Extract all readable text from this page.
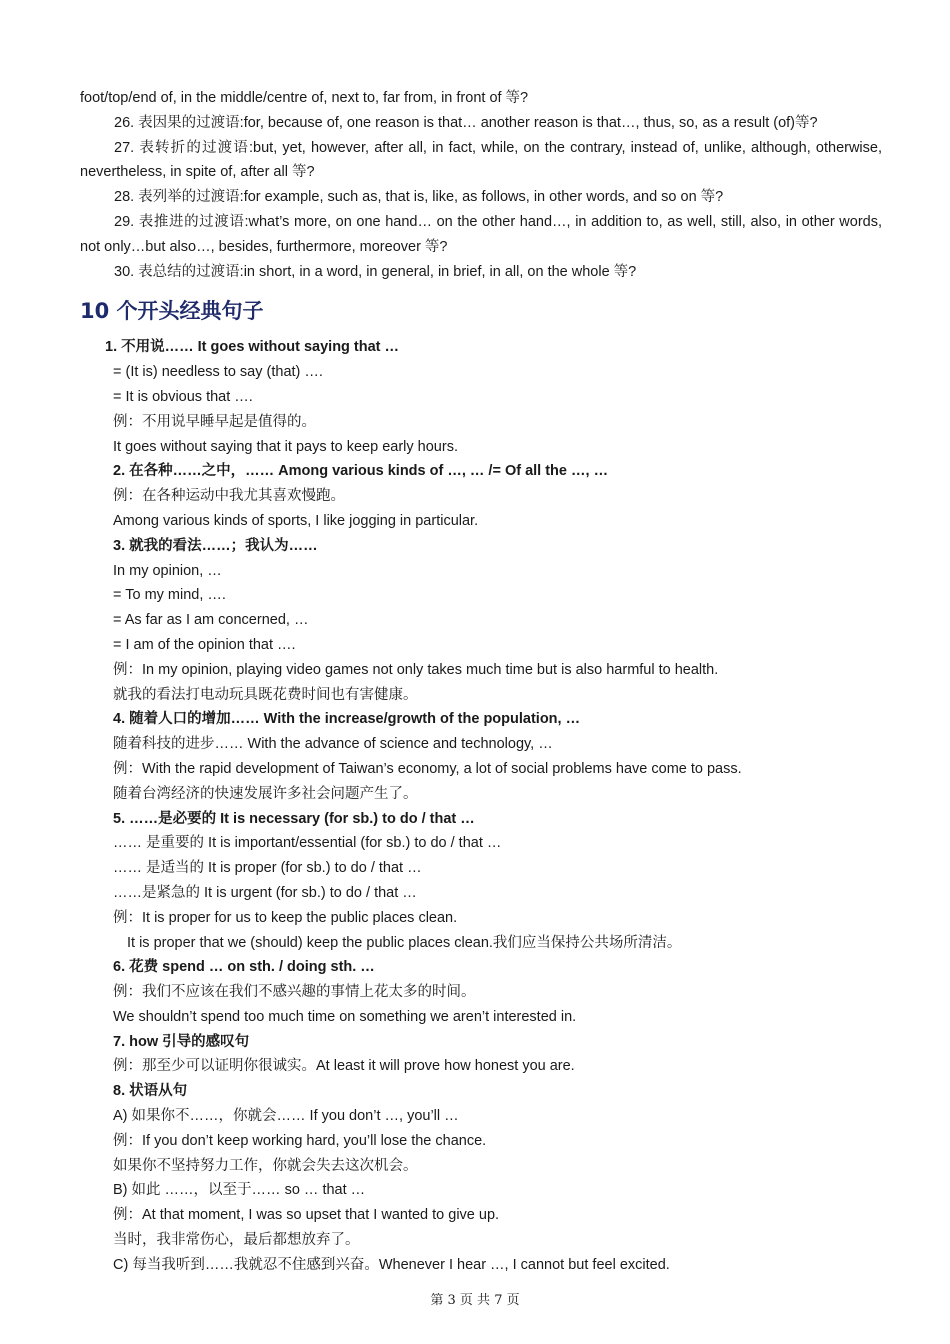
foot/top/end of, in the middle/centre of, next to, far from, in front of 等?

26. 表因果的过渡语:for, because of, one reason is that… another reason is that…, thus, so, as a result (of)等?

27. 表转折的过渡语:but, yet, however, after all, in fact, while, on the contrary, instead of, unlike, although, otherwise, nevertheless, in spite of, after all 等?

28. 表列举的过渡语:for example, such as, that is, like, as follows, in other words, and so on 等?

29. 表推进的过渡语:what’s more, on one hand… on the other hand…, in addition to, as well, still, also, in other words, not only…but also…, besides, furthermore, moreover 等?

30. 表总结的过渡语:in short, in a word, in general, in brief, in all, on the whole 等?

10 个开头经典句子

1. 不用说…… It goes without saying that …

= (It is) needless to say (that) ….

= It is obvious that ….

例：不用说早睡早起是值得的。

It goes without saying that it pays to keep early hours.

2. 在各种……之中，…… Among various kinds of …, … /= Of all the …, …

例：在各种运动中我尤其喜欢慢跑。

Among various kinds of sports, I like jogging in particular.

3. 就我的看法……；我认为……

In my opinion, …

= To my mind, ….

= As far as I am concerned, …

= I am of the opinion that ….

例：In my opinion, playing video games not only takes much time but is also harmful to health.

就我的看法打电动玩具既花费时间也有害健康。

4. 随着人口的增加…… With the increase/growth of the population, …

随着科技的进步…… With the advance of science and technology, …

例：With the rapid development of Taiwan’s economy, a lot of social problems have come to pass.

随着台湾经济的快速发展许多社会问题产生了。

5. ……是必要的 It is necessary (for sb.) to do / that …

…… 是重要的 It is important/essential (for sb.) to do / that …

…… 是适当的 It is proper (for sb.) to do / that …

……是紧急的 It is urgent (for sb.) to do / that …

例：It is proper for us to keep the public places clean.

It is proper that we (should) keep the public places clean.我们应当保持公共场所清洁。

6. 花费 spend … on sth. / doing sth. …

例：我们不应该在我们不感兴趣的事情上花太多的时间。

We shouldn’t spend too much time on something we aren’t interested in.

7. how 引导的感叹句

例：那至少可以证明你很诚实。At least it will prove how honest you are.

8. 状语从句

A) 如果你不……，你就会…… If you don’t …, you’ll …

例：If you don’t keep working hard, you’ll lose the chance.

如果你不坚持努力工作，你就会失去这次机会。

B) 如此 ……，以至于…… so … that …

例：At that moment, I was so upset that I wanted to give up.

当时，我非常伤心，最后都想放弃了。

C) 每当我听到……我就忍不住感到兴奋。Whenever I hear …, I cannot but feel excited.

第 3 页 共 7 页
